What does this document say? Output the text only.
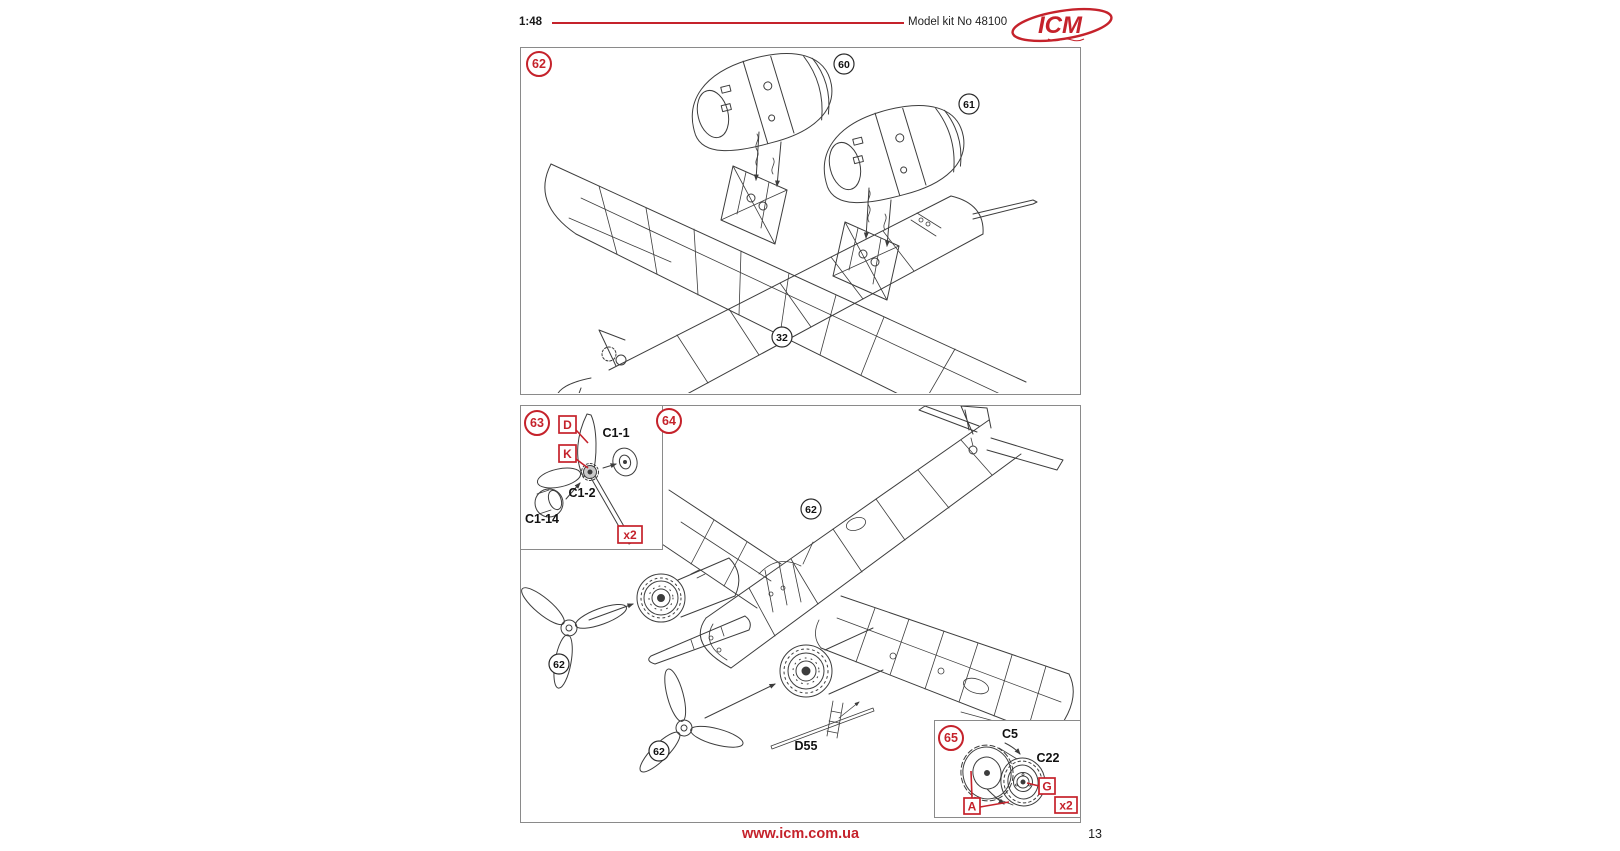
1:48	Model kit No 48100 ICM
60
61
32
62
D55
62
62
62
64
D
K
C1-1
C1-2
C1-14
x2
63
C5
C22
G
A	x2
65
www.icm.com.ua	13
